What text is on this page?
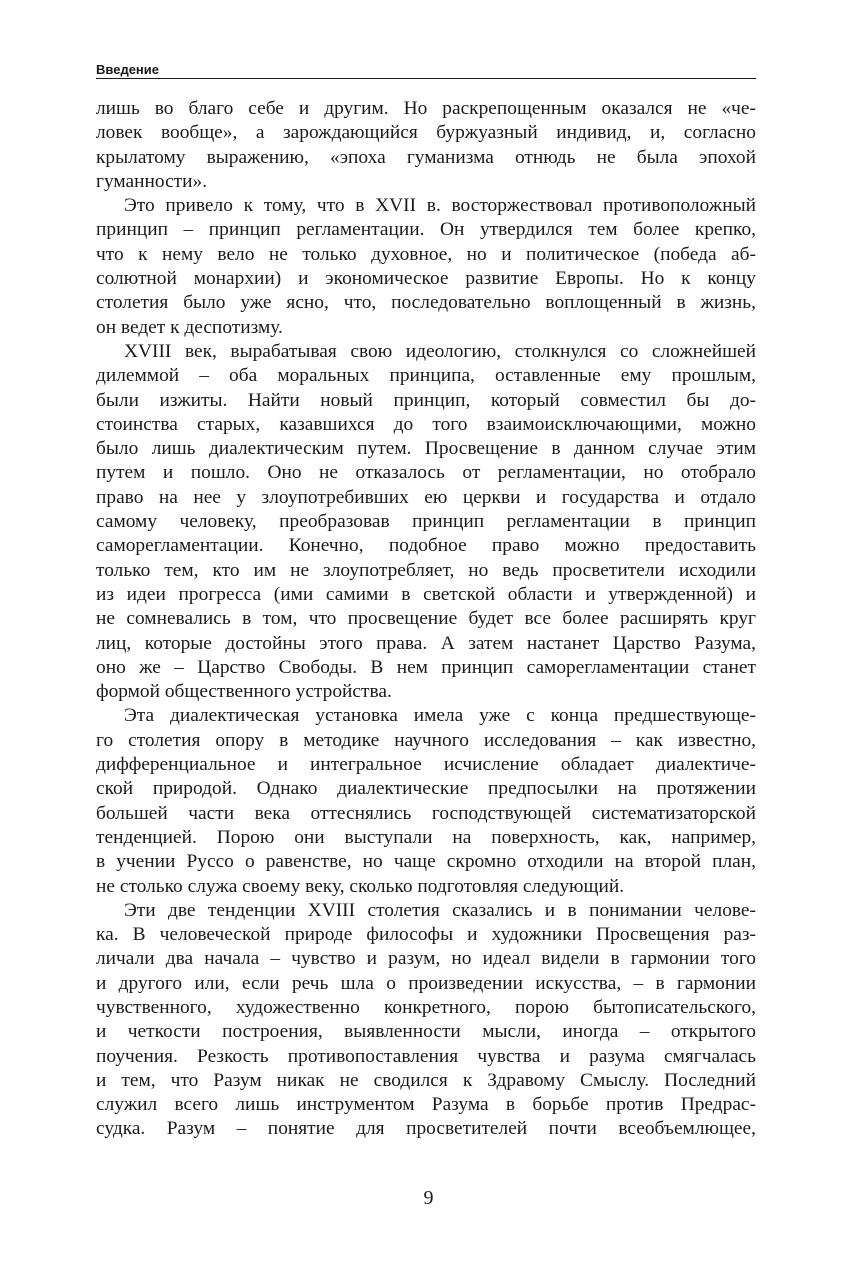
Введение
лишь во благо себе и другим. Но раскрепощенным оказался не «че-
ловек вообще», а зарождающийся буржуазный индивид, и, согласно
крылатому выражению, «эпоха гуманизма отнюдь не была эпохой
гуманности».
Это привело к тому, что в XVII в. восторжествовал противоположный
принцип – принцип регламентации. Он утвердился тем более крепко,
что к нему вело не только духовное, но и политическое (победа аб-
солютной монархии) и экономическое развитие Европы. Но к концу
столетия было уже ясно, что, последовательно воплощенный в жизнь,
он ведет к деспотизму.
XVIII век, вырабатывая свою идеологию, столкнулся со сложнейшей
дилеммой – оба моральных принципа, оставленные ему прошлым,
были изжиты. Найти новый принцип, который совместил бы до-
стоинства старых, казавшихся до того взаимоисключающими, можно
было лишь диалектическим путем. Просвещение в данном случае этим
путем и пошло. Оно не отказалось от регламентации, но отобрало
право на нее у злоупотребивших ею церкви и государства и отдало
самому человеку, преобразовав принцип регламентации в принцип
саморегламентации. Конечно, подобное право можно предоставить
только тем, кто им не злоупотребляет, но ведь просветители исходили
из идеи прогресса (ими самими в светской области и утвержденной) и
не сомневались в том, что просвещение будет все более расширять круг
лиц, которые достойны этого права. А затем настанет Царство Разума,
оно же – Царство Свободы. В нем принцип саморегламентации станет
формой общественного устройства.
Эта диалектическая установка имела уже с конца предшествующе-
го столетия опору в методике научного исследования – как известно,
дифференциальное и интегральное исчисление обладает диалектиче-
ской природой. Однако диалектические предпосылки на протяжении
большей части века оттеснялись господствующей систематизаторской
тенденцией. Порою они выступали на поверхность, как, например,
в учении Руссо о равенстве, но чаще скромно отходили на второй план,
не столько служа своему веку, сколько подготовляя следующий.
Эти две тенденции XVIII столетия сказались и в понимании челове-
ка. В человеческой природе философы и художники Просвещения раз-
личали два начала – чувство и разум, но идеал видели в гармонии того
и другого или, если речь шла о произведении искусства, – в гармонии
чувственного, художественно конкретного, порою бытописательского,
и четкости построения, выявленности мысли, иногда – открытого
поучения. Резкость противопоставления чувства и разума смягчалась
и тем, что Разум никак не сводился к Здравому Смыслу. Последний
служил всего лишь инструментом Разума в борьбе против Предрас-
судка. Разум – понятие для просветителей почти всеобъемлющее,
9
